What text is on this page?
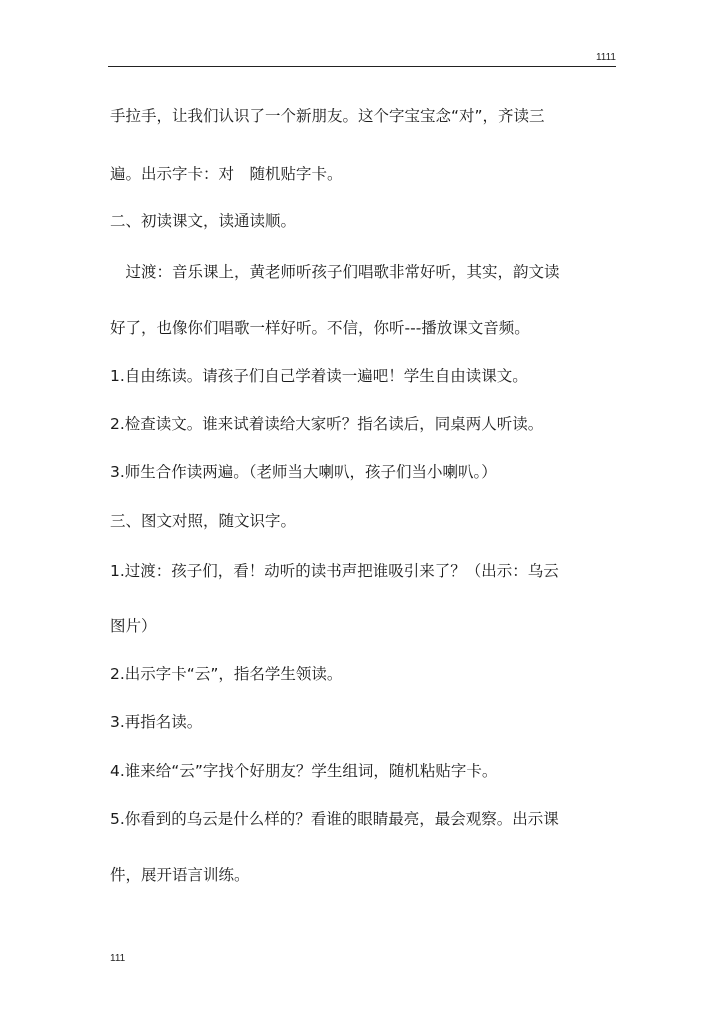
1111
手拉手，让我们认识了一个新朋友。这个字宝宝念“对”，齐读三
遍。出示字卡：对　随机贴字卡。
二、初读课文，读通读顺。
　过渡：音乐课上，黄老师听孩子们唱歌非常好听，其实，韵文读
好了，也像你们唱歌一样好听。不信，你听---播放课文音频。
1.自由练读。请孩子们自己学着读一遍吧！学生自由读课文。
2.检查读文。谁来试着读给大家听？指名读后，同桌两人听读。
3.师生合作读两遍。（老师当大喇叭，孩子们当小喇叭。）
三、图文对照，随文识字。
1.过渡：孩子们，看！动听的读书声把谁吸引来了？（出示：乌云
图片）
2.出示字卡“云”，指名学生领读。
3.再指名读。
4.谁来给“云”字找个好朋友？学生组词，随机粘贴字卡。
5.你看到的乌云是什么样的？看谁的眼睛最亮，最会观察。出示课
件，展开语言训练。
111
